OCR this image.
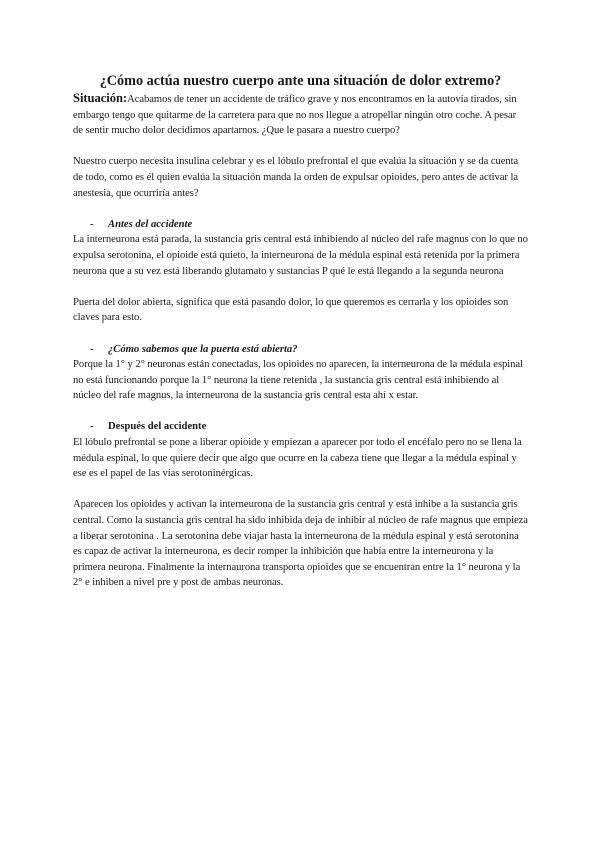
¿Cómo actúa nuestro cuerpo ante una situación de dolor extremo?

Situación:Acabamos de tener un accidente de tráfico grave y nos encontramos en la autovía tirados, sin embargo tengo que quitarme de la carretera para que no nos llegue a atropellar ningún otro coche. A pesar de sentir mucho dolor decidimos apartarnos. ¿Que le pasara a nuestro cuerpo?

Nuestro cuerpo necesita insulina celebrar y es el lóbulo prefrontal el que evalúa la situación y se da cuenta de todo, como es él quien evalúa la situación manda la orden de expulsar opioides, pero antes de activar la anestesia, que ocurriría antes?

-	Antes del accidente

La interneurona está parada, la sustancia gris central está inhibiendo al núcleo del rafe magnus con lo que no expulsa serotonina, el opioide está quieto, la interneurona de la médula espinal está retenida por la primera neurona que a su vez está liberando glutamato y sustancias P qué le está llegando a la segunda neurona

Puerta del dolor abierta, significa que está pasando dolor, lo que queremos es cerrarla y los opioides son claves para esto.

-	¿Cómo sabemos que la puerta está abierta?

Porque la 1° y 2° neuronas están conectadas, los opioides no aparecen, la interneurona de la médula espinal no está funcionando porque la 1° neurona la tiene retenida , la sustancia gris central está inhibiendo al núcleo del rafe magnus, la interneurona de la sustancia gris central esta ahí x estar.

-	Después del accidente

El lóbulo prefrontal se pone a liberar opioide y empiezan a aparecer por todo el encéfalo pero no se llena la médula espinal, lo que quiere decir que algo que ocurre en la cabeza tiene que llegar a la médula espinal y ese es el papel de las vías serotoninérgicas.

Aparecen los opioides y activan la interneurona de la sustancia gris central y está inhibe a la sustancia gris central. Como la sustancia gris central ha sido inhibida deja de inhibir al núcleo de rafe magnus que empieza a liberar serotonina . La serotonina debe viajar hasta la interneurona de la médula espinal y está serotonina es capaz de activar la interneurona, es decir romper la inhibición que había entre la interneurona y la primera neurona. Finalmente la internaurona transporta opioides que se encuentran entre la 1° neurona y la 2° e inhiben a nivel pre y post de ambas neuronas.
